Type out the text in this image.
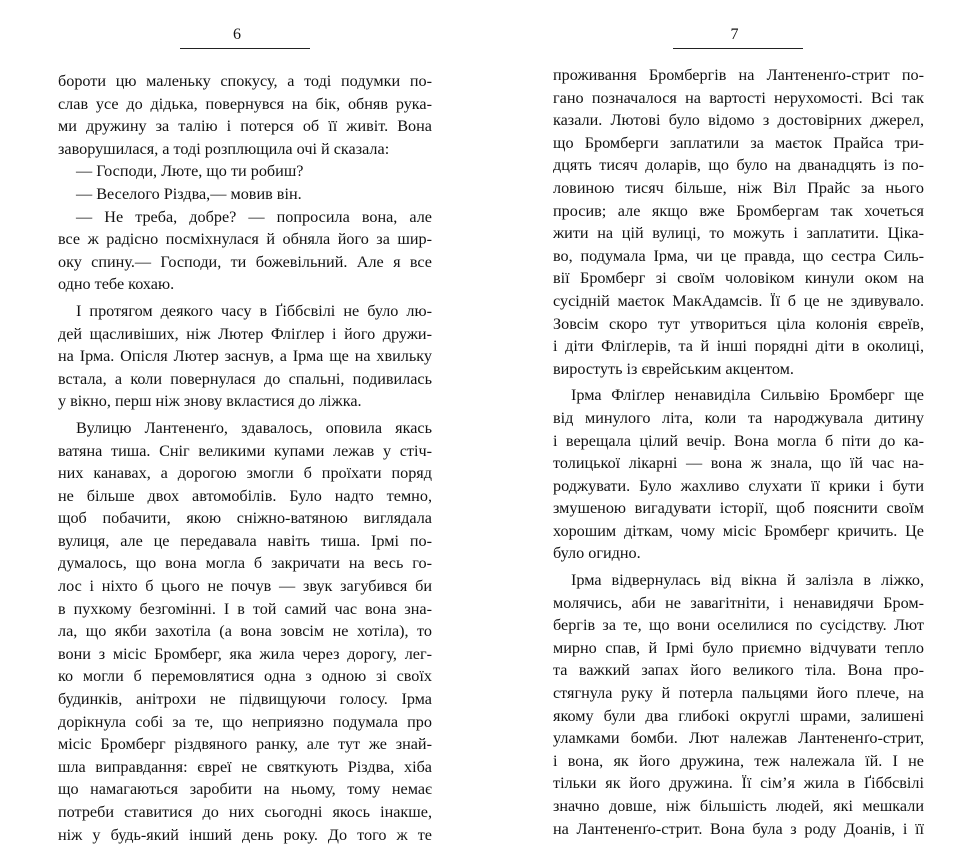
6

бороти цю маленьку спокусу, а тоді подумки по-

слав усе до дідька, повернувся на бік, обняв рука-

ми дружину за талію і потерся об її живіт. Вона

заворушилася, а тоді розплющила очі й сказала:

— Господи, Люте, що ти робиш?

— Веселого Різдва,— мовив він.

— Не треба, добре? — попросила вона, але

все ж радісно посміхнулася й обняла його за шир-

оку спину.— Господи, ти божевільний. Але я все

одно тебе кохаю.

І протягом деякого часу в Ґіббсвілі не було лю-

дей щасливіших, ніж Лютер Фліґлер і його дружи-

на Ірма. Опісля Лютер заснув, а Ірма ще на хвильку

встала, а коли повернулася до спальні, подивилась

у вікно, перш ніж знову вкластися до ліжка.

Вулицю Лантененґо, здавалось, оповила якась

ватяна тиша. Сніг великими купами лежав у стіч-

них канавах, а дорогою змогли б проїхати поряд

не більше двох автомобілів. Було надто темно,

щоб побачити, якою сніжно-ватяною виглядала

вулиця, але це передавала навіть тиша. Ірмі по-

думалось, що вона могла б закричати на весь го-

лос і ніхто б цього не почув — звук загубився би

в пухкому безгомінні. І в той самий час вона зна-

ла, що якби захотіла (а вона зовсім не хотіла), то

вони з місіс Бромберг, яка жила через дорогу, лег-

ко могли б перемовлятися одна з одною зі своїх

будинків, анітрохи не підвищуючи голосу. Ірма

дорікнула собі за те, що неприязно подумала про

місіс Бромберг різдвяного ранку, але тут же знай-

шла виправдання: євреї не святкують Різдва, хіба

що намагаються заробити на ньому, тому немає

потреби ставитися до них сьогодні якось інакше,

ніж у будь-який інший день року. До того ж те

7

проживання Бромбергів на Лантененґо-стрит по-

гано позначалося на вартості нерухомості. Всі так

казали. Лютові було відомо з достовірних джерел,

що Бромберги заплатили за маєток Прайса три-

дцять тисяч доларів, що було на дванадцять із по-

ловиною тисяч більше, ніж Віл Прайс за нього

просив; але якщо вже Бромбергам так хочеться

жити на цій вулиці, то можуть і заплатити. Ціка-

во, подумала Ірма, чи це правда, що сестра Силь-

вії Бромберг зі своїм чоловіком кинули оком на

сусідній маєток МакАдамсів. Її б це не здивувало.

Зовсім скоро тут утвориться ціла колонія євреїв,

і діти Фліґлерів, та й інші порядні діти в околиці,

виростуть із єврейським акцентом.

Ірма Фліґлер ненавиділа Сильвію Бромберг ще

від минулого літа, коли та народжувала дитину

і верещала цілий вечір. Вона могла б піти до ка-

толицької лікарні — вона ж знала, що їй час на-

роджувати. Було жахливо слухати її крики і бути

змушеною вигадувати історії, щоб пояснити своїм

хорошим діткам, чому місіс Бромберг кричить. Це

було огидно.

Ірма відвернулась від вікна й залізла в ліжко,

молячись, аби не завагітніти, і ненавидячи Бром-

бергів за те, що вони оселилися по сусідству. Лют

мирно спав, й Ірмі було приємно відчувати тепло

та важкий запах його великого тіла. Вона про-

стягнула руку й потерла пальцями його плече, на

якому були два глибокі округлі шрами, залишені

уламками бомби. Лют належав Лантененґо-стрит,

і вона, як його дружина, теж належала їй. І не

тільки як його дружина. Її сім’я жила в Ґіббсвілі

значно довше, ніж більшість людей, які мешкали

на Лантененґо-стрит. Вона була з роду Доанів, і її
